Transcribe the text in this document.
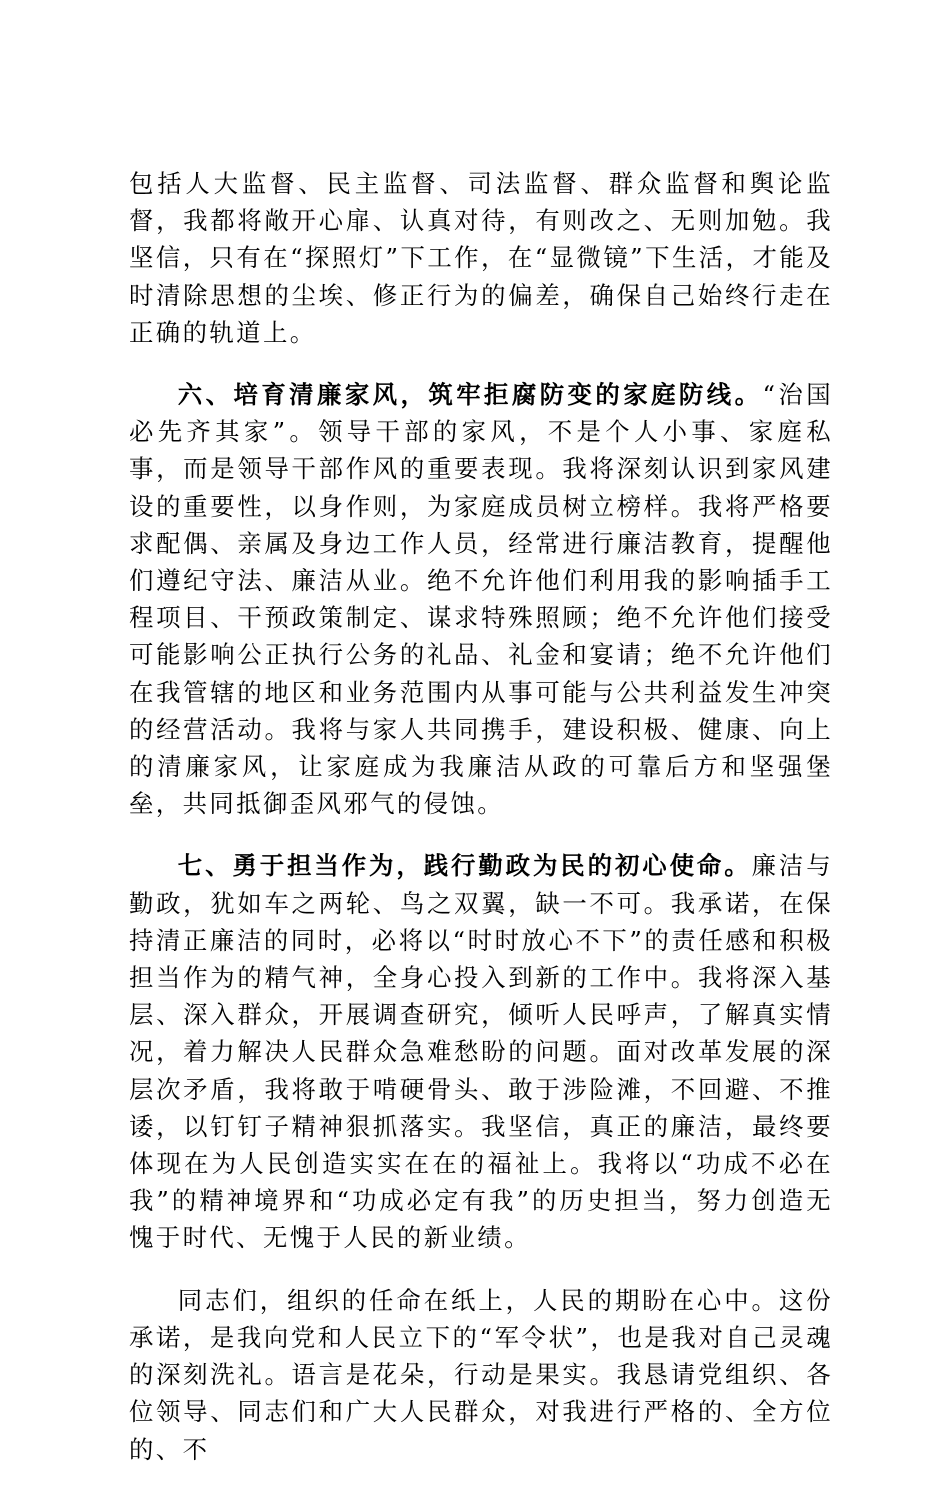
包括人大监督、民主监督、司法监督、群众监督和舆论监督，我都将敞开心扉、认真对待，有则改之、无则加勉。我坚信，只有在“探照灯”下工作，在“显微镜”下生活，才能及时清除思想的尘埃、修正行为的偏差，确保自己始终行走在正确的轨道上。

六、培育清廉家风，筑牢拒腐防变的家庭防线。“治国必先齐其家”。领导干部的家风，不是个人小事、家庭私事，而是领导干部作风的重要表现。我将深刻认识到家风建设的重要性，以身作则，为家庭成员树立榜样。我将严格要求配偶、亲属及身边工作人员，经常进行廉洁教育，提醒他们遵纪守法、廉洁从业。绝不允许他们利用我的影响插手工程项目、干预政策制定、谋求特殊照顾；绝不允许他们接受可能影响公正执行公务的礼品、礼金和宴请；绝不允许他们在我管辖的地区和业务范围内从事可能与公共利益发生冲突的经营活动。我将与家人共同携手，建设积极、健康、向上的清廉家风，让家庭成为我廉洁从政的可靠后方和坚强堡垒，共同抵御歪风邪气的侵蚀。

七、勇于担当作为，践行勤政为民的初心使命。廉洁与勤政，犹如车之两轮、鸟之双翼，缺一不可。我承诺，在保持清正廉洁的同时，必将以“时时放心不下”的责任感和积极担当作为的精气神，全身心投入到新的工作中。我将深入基层、深入群众，开展调查研究，倾听人民呼声，了解真实情况，着力解决人民群众急难愁盼的问题。面对改革发展的深层次矛盾，我将敢于啃硬骨头、敢于涉险滩，不回避、不推诿，以钉钉子精神狠抓落实。我坚信，真正的廉洁，最终要体现在为人民创造实实在在的福祉上。我将以“功成不必在我”的精神境界和“功成必定有我”的历史担当，努力创造无愧于时代、无愧于人民的新业绩。

同志们，组织的任命在纸上，人民的期盼在心中。这份承诺，是我向党和人民立下的“军令状”，也是我对自己灵魂的深刻洗礼。语言是花朵，行动是果实。我恳请党组织、各位领导、同志们和广大人民群众，对我进行严格的、全方位的、不
